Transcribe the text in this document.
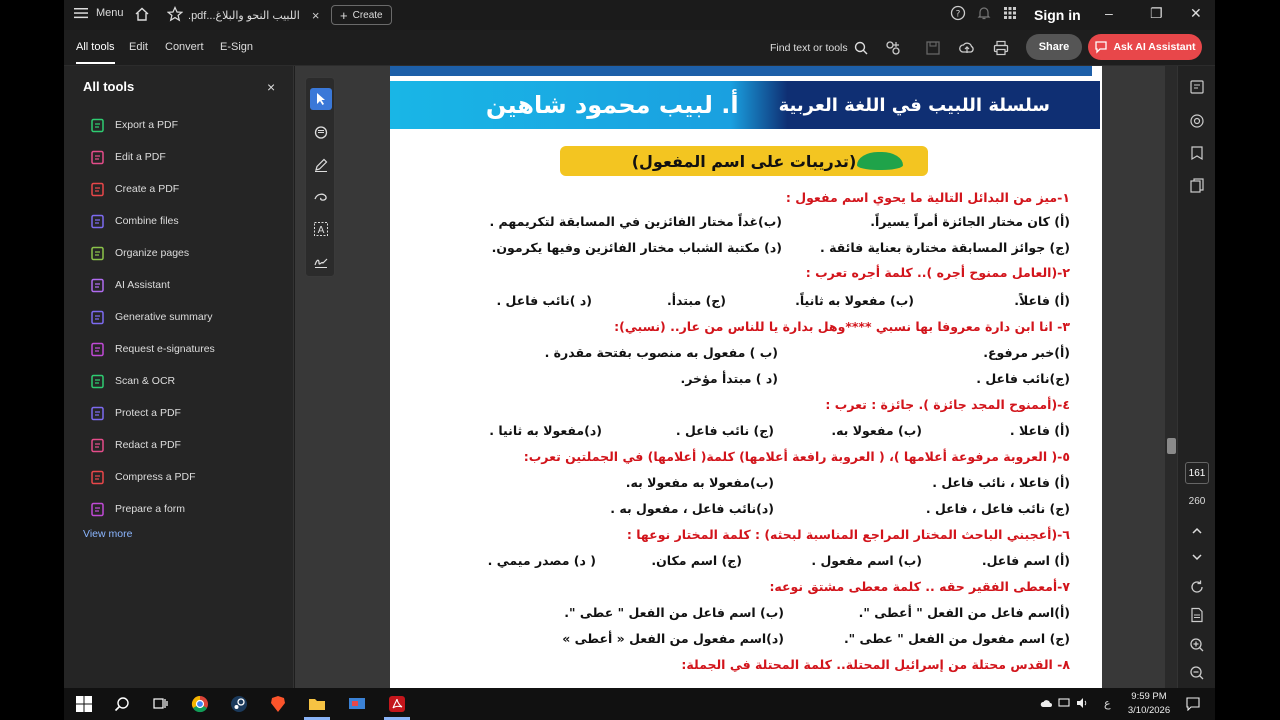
Menu	اللبيب النحو والبلاغ...pdf. × + Create	?	Sign in –	❐ ✕
All tools Edit Convert E-Sign	Find text or tools	Share	Ask AI Assistant
All tools	×
Export a PDF
Edit a PDF
Create a PDF
Combine files
Organize pages
AI Assistant
Generative summary
Request e-signatures
Scan & OCR
Protect a PDF
Redact a PDF
Compress a PDF
Prepare a form
View more
سلسلة اللبيب في اللغة العربية
أ. لبيب محمود شاهين
(تدريبات على اسم المفعول)
١-ميز من البدائل التالية ما يحوي اسم مفعول :
(أ) كان مختار الجائزة أمراً يسيراً.
(ب)غداً مختار الفائزين في المسابقة لتكريمهم .
(ج) جوائز المسابقة مختارة بعناية فائقة .
(د) مكتبة الشباب مختار الفائزين وفيها يكرمون.
٢-(العامل ممنوح أجره ).. كلمة أجره تعرب :
(أ) فاعلاً.
(ب) مفعولا به ثانياً.
(ج) مبتدأ.
(د )نائب فاعل .
٣- انا ابن دارة معروفا بها نسبي ****وهل بدارة يا للناس من عار.. (نسبي):
(أ)خبر مرفوع.
(ب ) مفعول به منصوب بفتحة مقدرة .
(ج)نائب فاعل .
(د ) مبتدأ مؤخر.
٤-(أممنوح المجد جائزة ). جائزة : تعرب :
(أ) فاعلا .
(ب) مفعولا به.
(ج) نائب فاعل .
(د)مفعولا به ثانيا .
٥-( العروبة مرفوعة أعلامها )، ( العروبة رافعة أعلامها) كلمة( أعلامها) في الجملتين تعرب:
(أ) فاعلا ، نائب فاعل .
(ب)مفعولا به مفعولا به.
(ج) نائب فاعل ، فاعل .
(د)نائب فاعل ، مفعول به .
٦-(أعجبني الباحث المختار المراجع المناسبة لبحثه) : كلمة المختار نوعها :
(أ) اسم فاعل.
(ب) اسم مفعول .
(ج) اسم مكان.
( د) مصدر ميمي .
٧-أمعطى الفقير حقه .. كلمة معطى مشتق نوعه:
(أ)اسم فاعل من الفعل " أعطى ".
(ب) اسم فاعل من الفعل " عطى ".
(ج) اسم مفعول من الفعل " عطى ".
(د)اسم مفعول من الفعل « أعطى »
٨- القدس محتلة من إسرائيل المحتلة.. كلمة المحتلة في الجملة:
A
161
260
ع
9:59 PM
3/10/2026
